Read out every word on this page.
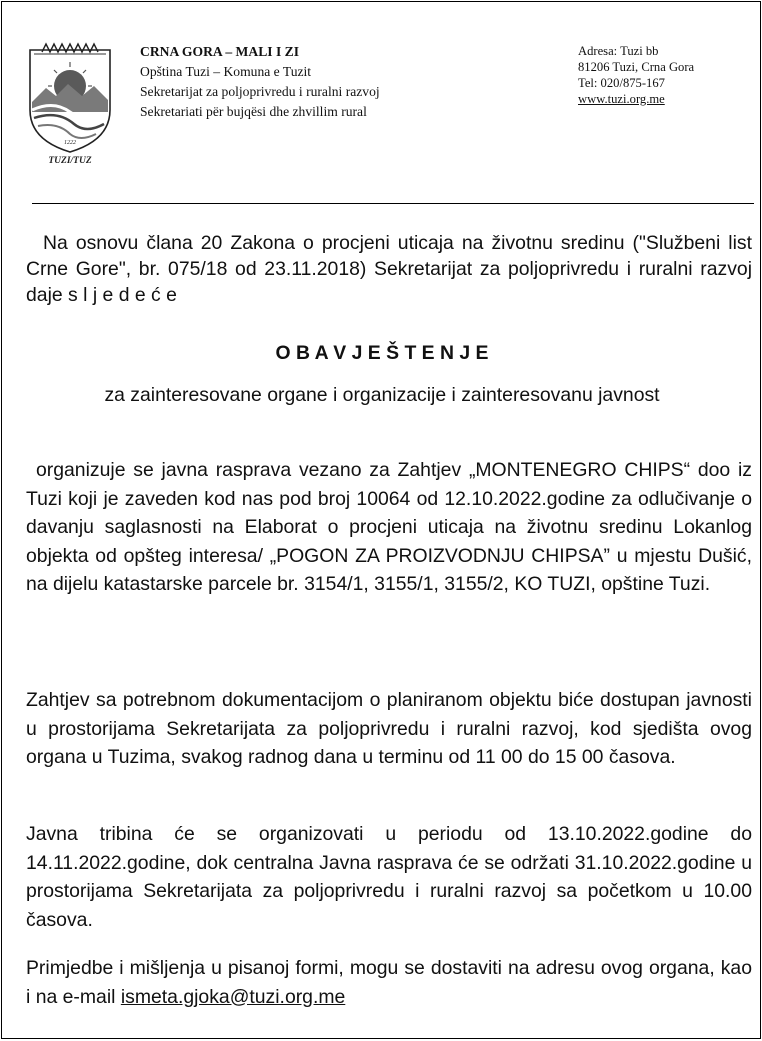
1222
TUZI/TUZ
CRNA GORA – MALI I ZI
Opština Tuzi – Komuna e Tuzit
Sekretarijat za poljoprivredu i ruralni razvoj
Sekretariati për bujqësi dhe zhvillim rural
Adresa: Tuzi bb
81206 Tuzi, Crna Gora
Tel: 020/875-167
www.tuzi.org.me
Na osnovu člana 20 Zakona o procjeni uticaja na životnu sredinu ("Službeni list Crne Gore", br. 075/18 od 23.11.2018) Sekretarijat za poljoprivredu i ruralni razvoj daje s l j e d e ć e
O B A V J E Š T E N J E
za zainteresovane organe i organizacije i zainteresovanu javnost
organizuje se javna rasprava vezano za Zahtjev „MONTENEGRO CHIPS“ doo iz Tuzi koji je zaveden kod nas pod broj 10064 od 12.10.2022.godine za odlučivanje o davanju saglasnosti na Elaborat o procjeni uticaja na životnu sredinu Lokanlog objekta od opšteg interesa/ „POGON ZA PROIZVODNJU CHIPSA” u mjestu Dušić, na dijelu katastarske parcele br. 3154/1, 3155/1, 3155/2, KO TUZI, opštine Tuzi.
Zahtjev sa potrebnom dokumentacijom o planiranom objektu biće dostupan javnosti u prostorijama Sekretarijata za poljoprivredu i ruralni razvoj, kod sjedišta ovog organa u Tuzima, svakog radnog dana u terminu od 11 00 do 15 00 časova.
Javna tribina će se organizovati u periodu od 13.10.2022.godine do 14.11.2022.godine, dok centralna Javna rasprava će se održati 31.10.2022.godine u prostorijama Sekretarijata za poljoprivredu i ruralni razvoj sa početkom u 10.00 časova.
Primjedbe i mišljenja u pisanoj formi, mogu se dostaviti na adresu ovog organa, kao i na e-mail ismeta.gjoka@tuzi.org.me
